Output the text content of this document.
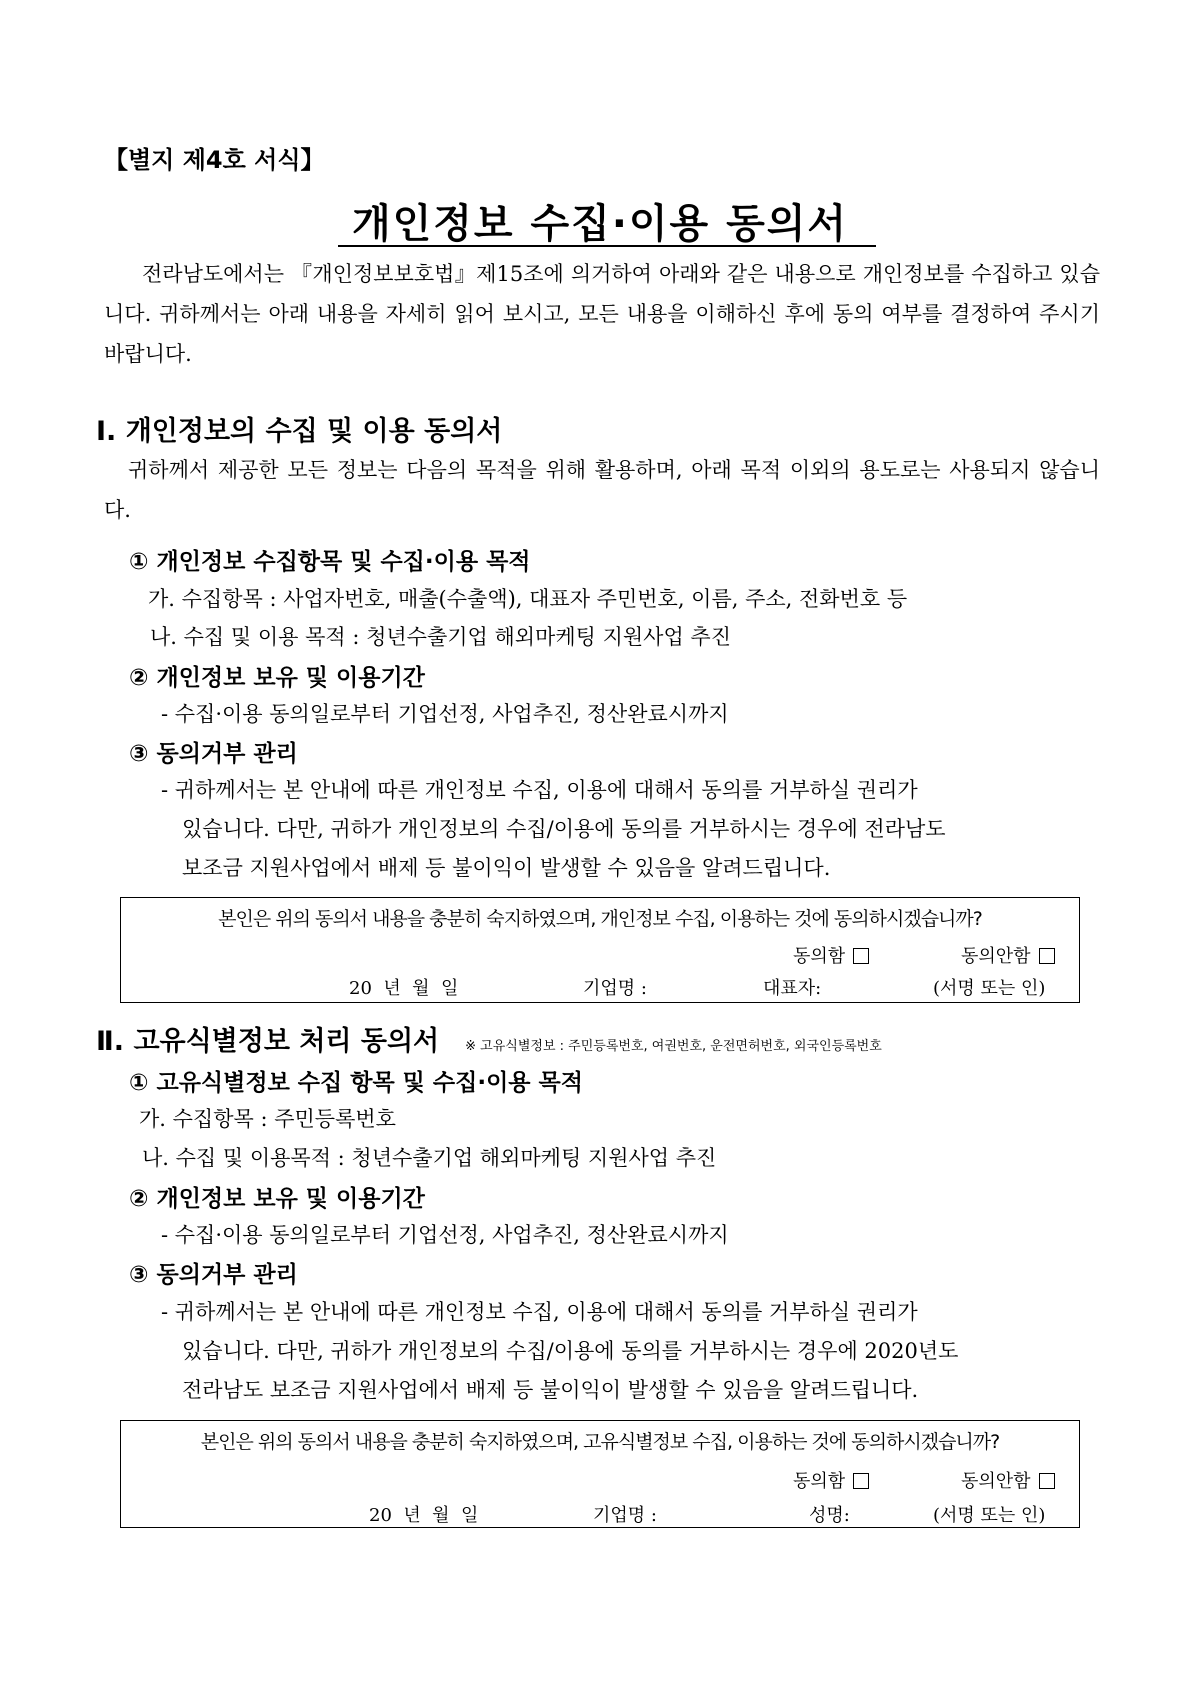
【별지 제4호 서식】
개인정보 수집·이용 동의서
전라남도에서는 『개인정보보호법』제15조에 의거하여 아래와 같은 내용으로 개인정보를 수집하고 있습니다. 귀하께서는 아래 내용을 자세히 읽어 보시고, 모든 내용을 이해하신 후에 동의 여부를 결정하여 주시기 바랍니다.
Ⅰ. 개인정보의 수집 및 이용 동의서
귀하께서 제공한 모든 정보는 다음의 목적을 위해 활용하며, 아래 목적 이외의 용도로는 사용되지 않습니다.
① 개인정보 수집항목 및 수집·이용 목적
가. 수집항목 : 사업자번호, 매출(수출액), 대표자 주민번호, 이름, 주소, 전화번호 등
나. 수집 및 이용 목적 : 청년수출기업 해외마케팅 지원사업 추진
② 개인정보 보유 및 이용기간
- 수집·이용 동의일로부터 기업선정, 사업추진, 정산완료시까지
③ 동의거부 관리
- 귀하께서는 본 안내에 따른 개인정보 수집, 이용에 대해서 동의를 거부하실 권리가
있습니다. 다만, 귀하가 개인정보의 수집/이용에 동의를 거부하시는 경우에 전라남도
보조금 지원사업에서 배제 등 불이익이 발생할 수 있음을 알려드립니다.
본인은 위의 동의서 내용을 충분히 숙지하였으며, 개인정보 수집, 이용하는 것에 동의하시겠습니까?
동의함	동의안함
20  년  월  일	기업명 :	대표자:	(서명 또는 인)
Ⅱ. 고유식별정보 처리 동의서 ※ 고유식별정보 : 주민등록번호, 여권번호, 운전면허번호, 외국인등록번호
① 고유식별정보 수집 항목 및 수집·이용 목적
가. 수집항목 : 주민등록번호
나. 수집 및 이용목적 : 청년수출기업 해외마케팅 지원사업 추진
② 개인정보 보유 및 이용기간
- 수집·이용 동의일로부터 기업선정, 사업추진, 정산완료시까지
③ 동의거부 관리
- 귀하께서는 본 안내에 따른 개인정보 수집, 이용에 대해서 동의를 거부하실 권리가
있습니다. 다만, 귀하가 개인정보의 수집/이용에 동의를 거부하시는 경우에 2020년도
전라남도 보조금 지원사업에서 배제 등 불이익이 발생할 수 있음을 알려드립니다.
본인은 위의 동의서 내용을 충분히 숙지하였으며, 고유식별정보 수집, 이용하는 것에 동의하시겠습니까?
동의함	동의안함
20  년  월  일	기업명 :	성명:	(서명 또는 인)
